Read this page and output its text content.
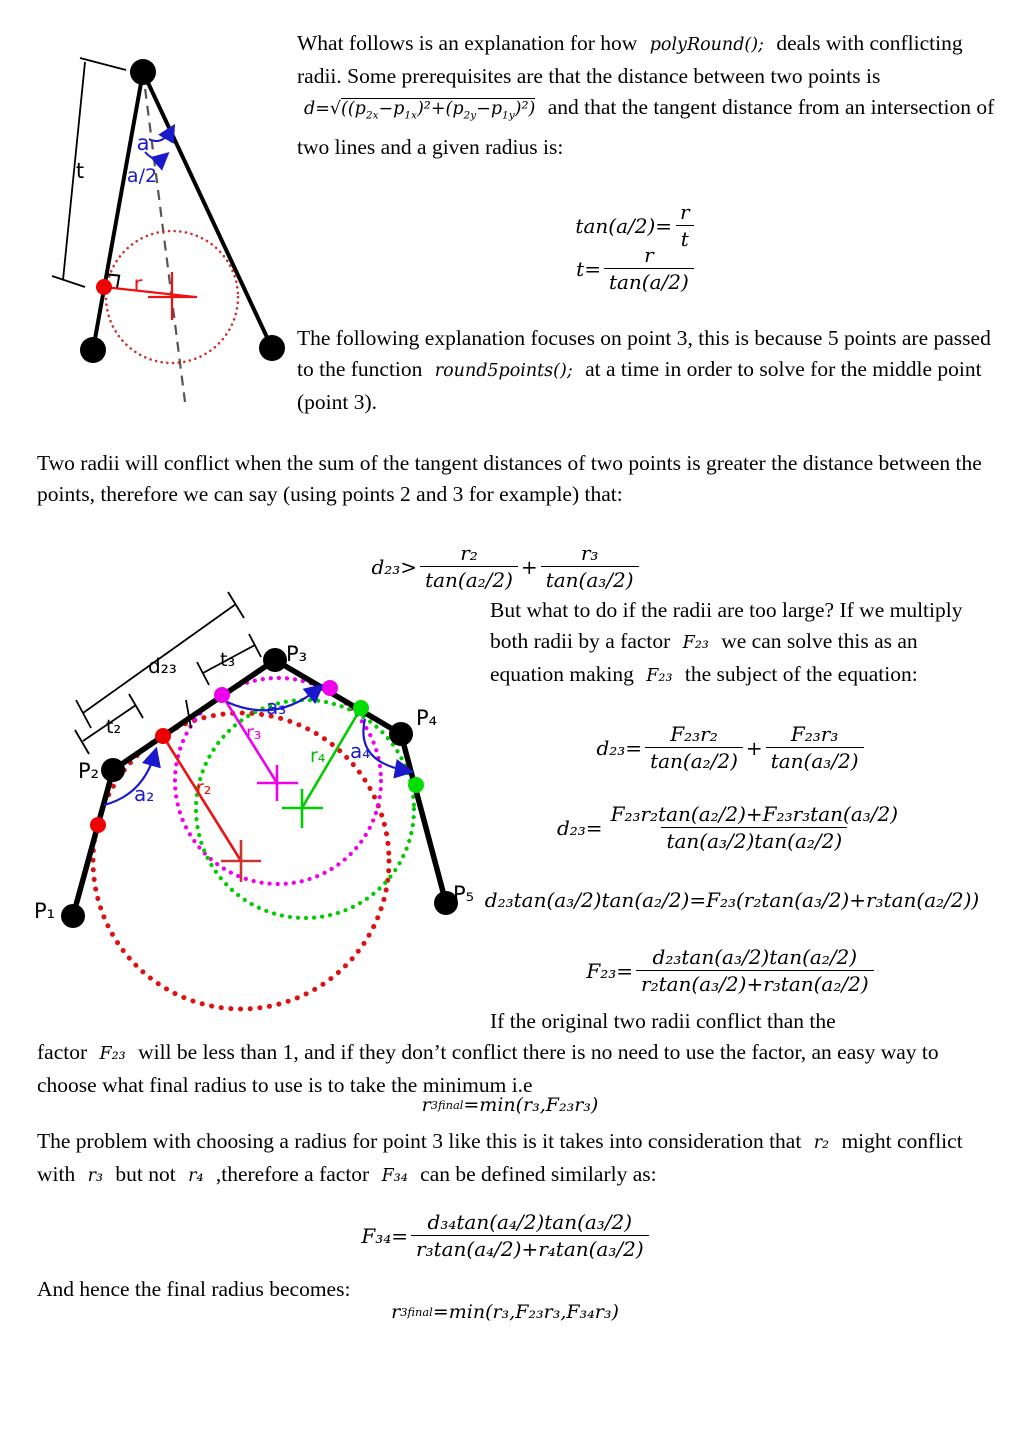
t
a
a/2
r

What follows is an explanation for how polyRound(); deals with conflicting radii. Some prerequisites are that the distance between two points is $d=√((p_{2x}-p_{1x})^2+(p_{2y}-p_{1y})^2)$ and that the tangent distance from an intersection of two lines and a given radius is:

$\tan(a/2)= \frac{r}{t}$
$t= \frac{r}{\tan(a/2)}$

The following explanation focuses on point 3, this is because 5 points are passed to the function round5points(); at a time in order to solve for the middle point (point 3).

Two radii will conflict when the sum of the tangent distances of two points is greater the distance between the points, therefore we can say (using points 2 and 3 for example) that:

$d_{23}> \frac{\text{r₂}}{\text{tan(a₂/2)}} + \frac{\text{r₃}}{\text{tan(a₃/2)}}$
P₁
P₂
P₃
P₄
P₅
d₂₃ t₃
t₂
a₂
a₃
a₄
r₂
r₃
r₄

But what to do if the radii are too large? If we multiply both radii by a factor F₂₃ we can solve this as an equation making F₂₃ the subject of the equation:

$d_{23}= \frac{\text{F₂₃r₂}}{\text{tan(a₂/2)}} + \frac{\text{F₂₃r₃}}{\text{tan(a₃/2)}}$
$d_{23}= \frac{\text{F₂₃r₂tan(a₂/2)+F₂₃r₃tan(a₃/2)}}{\text{tan(a₃/2)tan(a₂/2)}}$
d₂₃tan(a₃/2)tan(a₂/2)=F₂₃(r₂tan(a₃/2)+r₃tan(a₂/2))
$F_{23}= \frac{\text{d₂₃tan(a₃/2)tan(a₂/2)}}{\text{r₂tan(a₃/2)+r₃tan(a₂/2)}}$

If the original two radii conflict than the

factor F₂₃ will be less than 1, and if they don’t conflict there is no need to use the factor, an easy way to choose what final radius to use is to take the minimum i.e

r 3final =min(r₃,F₂₃r₃)

The problem with choosing a radius for point 3 like this is it takes into consideration that r₂ might conflict with r₃ but not r₄ ,therefore a factor F₃₄ can be defined similarly as:

$F_{34}= \frac{\text{d₃₄tan(a₄/2)tan(a₃/2)}}{\text{r₃tan(a₄/2)+r₄tan(a₃/2)}}$

And hence the final radius becomes:

r 3final =min(r₃,F₂₃r₃,F₃₄r₃)
